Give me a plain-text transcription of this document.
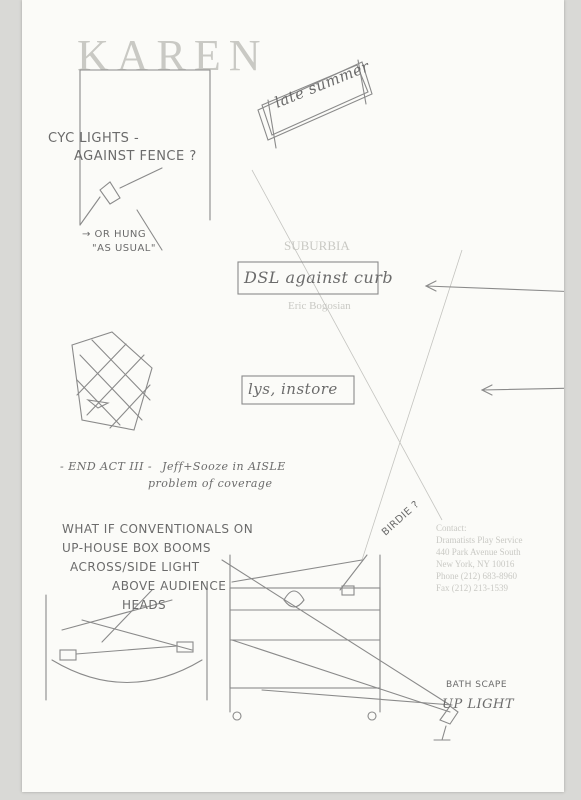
KAREN
SUBURBIA
Eric Bogosian
Contact:
Dramatists Play Service
440 Park Avenue South
New York, NY 10016
Phone (212) 683-8960
Fax (212) 213-1539
CYC LIGHTS -
AGAINST FENCE ?
→ OR HUNG
"AS USUAL"
late summer
DSL against curb
lys, instore
- END ACT III - Jeff+Sooze in AISLE
problem of coverage
WHAT IF CONVENTIONALS ON
UP-HOUSE BOX BOOMS
ACROSS/SIDE LIGHT
ABOVE AUDIENCE
HEADS
BIRDIE ?
BATH SCAPE
UP LIGHT
